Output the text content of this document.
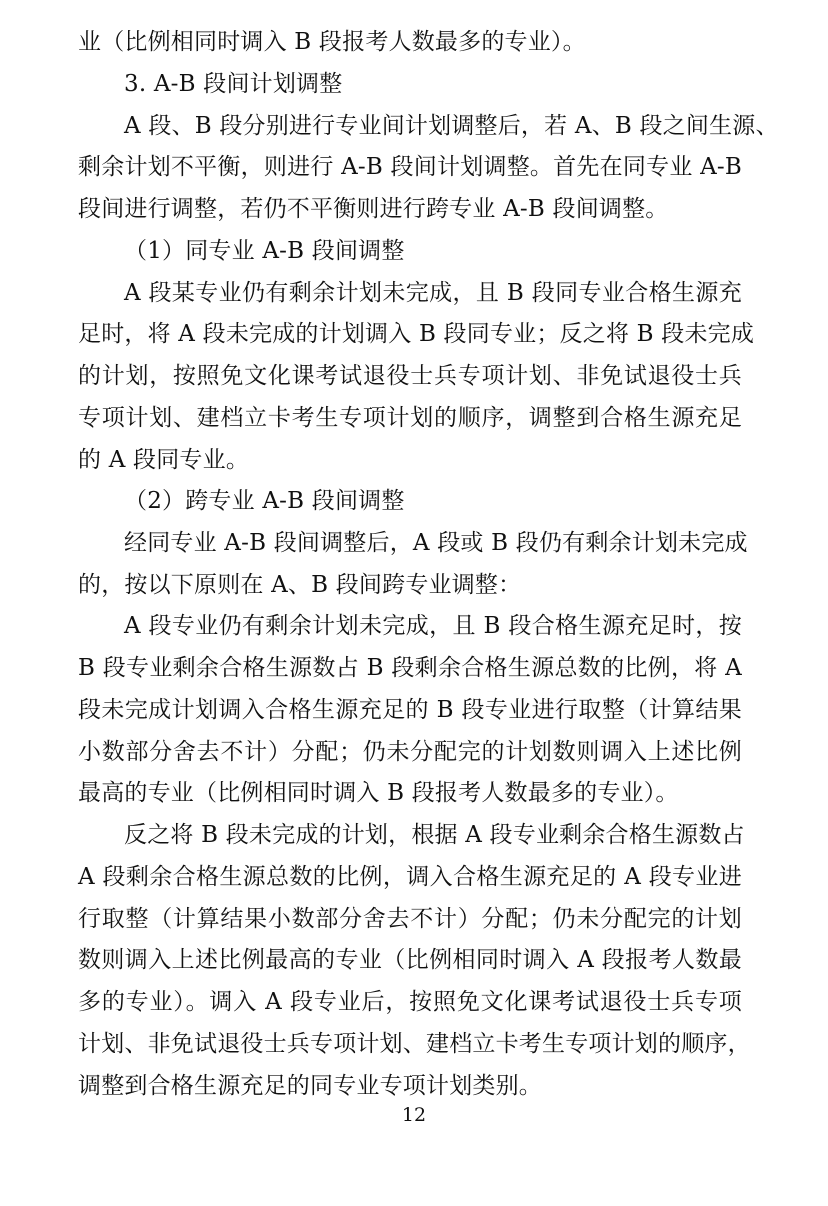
业（比例相同时调入 B 段报考人数最多的专业）。
3. A-B 段间计划调整
A 段、B 段分别进行专业间计划调整后，若 A、B 段之间生源、
剩余计划不平衡，则进行 A-B 段间计划调整。首先在同专业 A-B
段间进行调整，若仍不平衡则进行跨专业 A-B 段间调整。
（1）同专业 A-B 段间调整
A 段某专业仍有剩余计划未完成，且 B 段同专业合格生源充
足时，将 A 段未完成的计划调入 B 段同专业；反之将 B 段未完成
的计划，按照免文化课考试退役士兵专项计划、非免试退役士兵
专项计划、建档立卡考生专项计划的顺序，调整到合格生源充足
的 A 段同专业。
（2）跨专业 A-B 段间调整
经同专业 A-B 段间调整后，A 段或 B 段仍有剩余计划未完成
的，按以下原则在 A、B 段间跨专业调整：
A 段专业仍有剩余计划未完成，且 B 段合格生源充足时，按
B 段专业剩余合格生源数占 B 段剩余合格生源总数的比例，将 A
段未完成计划调入合格生源充足的 B 段专业进行取整（计算结果
小数部分舍去不计）分配；仍未分配完的计划数则调入上述比例
最高的专业（比例相同时调入 B 段报考人数最多的专业）。
反之将 B 段未完成的计划，根据 A 段专业剩余合格生源数占
A 段剩余合格生源总数的比例，调入合格生源充足的 A 段专业进
行取整（计算结果小数部分舍去不计）分配；仍未分配完的计划
数则调入上述比例最高的专业（比例相同时调入 A 段报考人数最
多的专业）。调入 A 段专业后，按照免文化课考试退役士兵专项
计划、非免试退役士兵专项计划、建档立卡考生专项计划的顺序，
调整到合格生源充足的同专业专项计划类别。
12
